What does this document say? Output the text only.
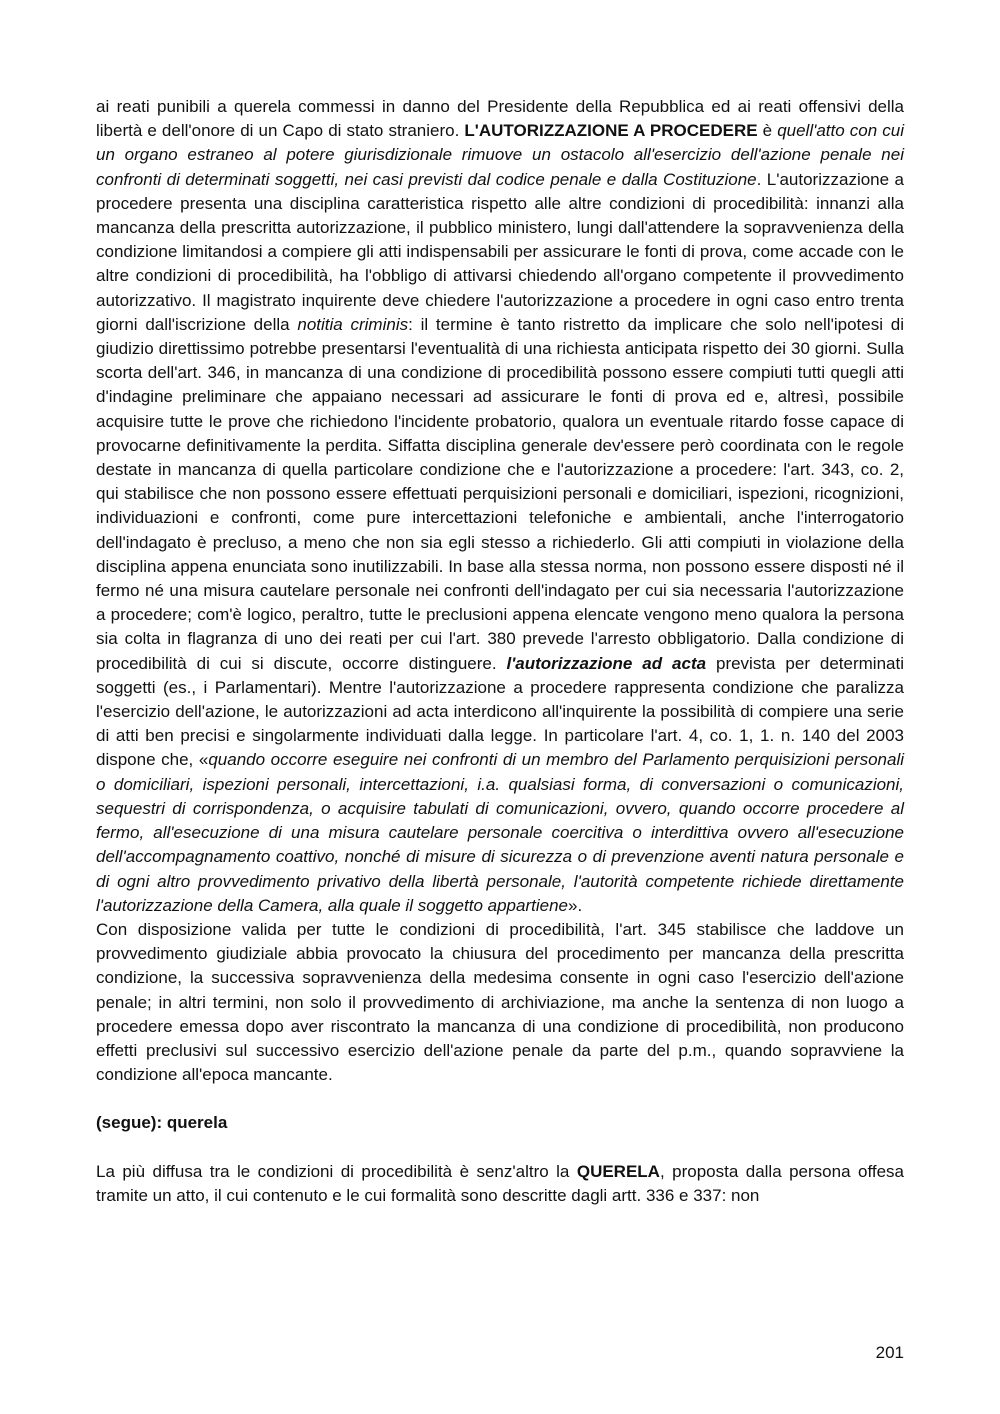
ai reati punibili a querela commessi in danno del Presidente della Repubblica ed ai reati offensivi della libertà e dell'onore di un Capo di stato straniero. L'AUTORIZZAZIONE A PROCEDERE è quell'atto con cui un organo estraneo al potere giurisdizionale rimuove un ostacolo all'esercizio dell'azione penale nei confronti di determinati soggetti, nei casi previsti dal codice penale e dalla Costituzione. L'autorizzazione a procedere presenta una disciplina caratteristica rispetto alle altre condizioni di procedibilità: innanzi alla mancanza della prescritta autorizzazione, il pubblico ministero, lungi dall'attendere la sopravvenienza della condizione limitandosi a compiere gli atti indispensabili per assicurare le fonti di prova, come accade con le altre condizioni di procedibilità, ha l'obbligo di attivarsi chiedendo all'organo competente il provvedimento autorizzativo. Il magistrato inquirente deve chiedere l'autorizzazione a procedere in ogni caso entro trenta giorni dall'iscrizione della notitia criminis: il termine è tanto ristretto da implicare che solo nell'ipotesi di giudizio direttissimo potrebbe presentarsi l'eventualità di una richiesta anticipata rispetto dei 30 giorni. Sulla scorta dell'art. 346, in mancanza di una condizione di procedibilità possono essere compiuti tutti quegli atti d'indagine preliminare che appaiano necessari ad assicurare le fonti di prova ed e, altresì, possibile acquisire tutte le prove che richiedono l'incidente probatorio, qualora un eventuale ritardo fosse capace di provocarne definitivamente la perdita. Siffatta disciplina generale dev'essere però coordinata con le regole destate in mancanza di quella particolare condizione che e l'autorizzazione a procedere: l'art. 343, co. 2, qui stabilisce che non possono essere effettuati perquisizioni personali e domiciliari, ispezioni, ricognizioni, individuazioni e confronti, come pure intercettazioni telefoniche e ambientali, anche l'interrogatorio dell'indagato è precluso, a meno che non sia egli stesso a richiederlo. Gli atti compiuti in violazione della disciplina appena enunciata sono inutilizzabili. In base alla stessa norma, non possono essere disposti né il fermo né una misura cautelare personale nei confronti dell'indagato per cui sia necessaria l'autorizzazione a procedere; com'è logico, peraltro, tutte le preclusioni appena elencate vengono meno qualora la persona sia colta in flagranza di uno dei reati per cui l'art. 380 prevede l'arresto obbligatorio. Dalla condizione di procedibilità di cui si discute, occorre distinguere. l'autorizzazione ad acta prevista per determinati soggetti (es., i Parlamentari). Mentre l'autorizzazione a procedere rappresenta condizione che paralizza l'esercizio dell'azione, le autorizzazioni ad acta interdicono all'inquirente la possibilità di compiere una serie di atti ben precisi e singolarmente individuati dalla legge. In particolare l'art. 4, co. 1, 1. n. 140 del 2003 dispone che, «quando occorre eseguire nei confronti di un membro del Parlamento perquisizioni personali o domiciliari, ispezioni personali, intercettazioni, i.a. qualsiasi forma, di conversazioni o comunicazioni, sequestri di corrispondenza, o acquisire tabulati di comunicazioni, ovvero, quando occorre procedere al fermo, all'esecuzione di una misura cautelare personale coercitiva o interdittiva ovvero all'esecuzione dell'accompagnamento coattivo, nonché di misure di sicurezza o di prevenzione aventi natura personale e di ogni altro provvedimento privativo della libertà personale, l'autorità competente richiede direttamente l'autorizzazione della Camera, alla quale il soggetto appartiene».

Con disposizione valida per tutte le condizioni di procedibilità, l'art. 345 stabilisce che laddove un provvedimento giudiziale abbia provocato la chiusura del procedimento per mancanza della prescritta condizione, la successiva sopravvenienza della medesima consente in ogni caso l'esercizio dell'azione penale; in altri termini, non solo il provvedimento di archiviazione, ma anche la sentenza di non luogo a procedere emessa dopo aver riscontrato la mancanza di una condizione di procedibilità, non producono effetti preclusivi sul successivo esercizio dell'azione penale da parte del p.m., quando sopravviene la condizione all'epoca mancante.

(segue): querela

La più diffusa tra le condizioni di procedibilità è senz'altro la QUERELA, proposta dalla persona offesa tramite un atto, il cui contenuto e le cui formalità sono descritte dagli artt. 336 e 337: non

201
